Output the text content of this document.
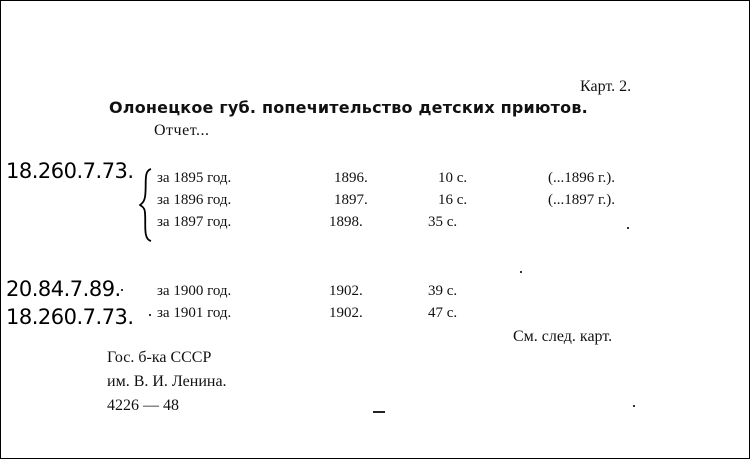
Карт. 2.
Олонецкое губ. попечительство детских приютов.
Отчет...
18.260.7.73.
20.84.7.89.
18.260.7.73.
за 1895 год.	1896.	10 с.	(...1896 г.).
за 1896 год.	1897.	16 с.	(...1897 г.).
за 1897 год.	1898.	35 с.
за 1900 год.	1902.	39 с.
за 1901 год.	1902.	47 с.
См. след. карт.
Гос. б-ка СССР
им. В. И. Ленина.
4226 — 48
